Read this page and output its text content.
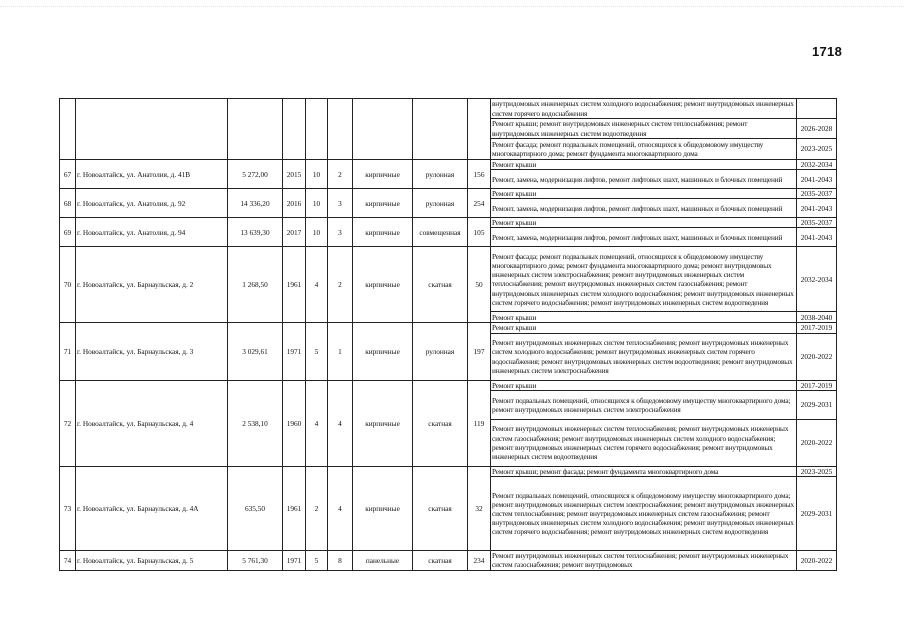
1718
									внутридомовых инженерных систем холодного водоснабжения; ремонт внутридомовых инженерных систем горячего водоснабжения	
									Ремонт крыши; ремонт внутридомовых инженерных систем теплоснабжения; ремонт внутридомовых инженерных систем водоотведения	2026-2028
									Ремонт фасада; ремонт подвальных помещений, относящихся к общедомовому имуществу многоквартирного дома; ремонт фундамента многоквартирного дома	2023-2025
67	г. Новоалтайск, ул. Анатолия, д. 41В	5 272,00	2015	10	2	кирпичные	рулонная	156	Ремонт крыши	2032-2034
									Ремонт, замена, модернизация лифтов, ремонт лифтовых шахт, машинных и блочных помещений	2041-2043
68	г. Новоалтайск, ул. Анатолия, д. 92	14 336,20	2016	10	3	кирпичные	рулонная	254	Ремонт крыши	2035-2037
									Ремонт, замена, модернизация лифтов, ремонт лифтовых шахт, машинных и блочных помещений	2041-2043
69	г. Новоалтайск, ул. Анатолия, д. 94	13 639,30	2017	10	3	кирпичные	совмещенная	105	Ремонт крыши	2035-2037
									Ремонт, замена, модернизация лифтов, ремонт лифтовых шахт, машинных и блочных помещений	2041-2043
70	г. Новоалтайск, ул. Барнаульская, д. 2	1 268,50	1961	4	2	кирпичные	скатная	50	Ремонт фасада; ремонт подвальных помещений, относящихся к общедомовому имуществу многоквартирного дома; ремонт фундамента многоквартирного дома; ремонт внутридомовых инженерных систем электроснабжения; ремонт внутридомовых инженерных систем теплоснабжения; ремонт внутридомовых инженерных систем газоснабжения; ремонт внутридомовых инженерных систем холодного водоснабжения; ремонт внутридомовых инженерных систем горячего водоснабжения; ремонт внутридомовых инженерных систем водоотведения	2032-2034
									Ремонт крыши	2038-2040
71	г. Новоалтайск, ул. Барнаульская, д. 3	3 029,61	1971	5	1	кирпичные	рулонная	197	Ремонт крыши	2017-2019
									Ремонт внутридомовых инженерных систем теплоснабжения; ремонт внутридомовых инженерных систем холодного водоснабжения; ремонт внутридомовых инженерных систем горячего водоснабжения; ремонт внутридомовых инженерных систем водоотведения; ремонт внутридомовых инженерных систем электроснабжения	2020-2022
72	г. Новоалтайск, ул. Барнаульская, д. 4	2 538,10	1960	4	4	кирпичные	скатная	119	Ремонт крыши	2017-2019
									Ремонт подвальных помещений, относящихся к общедомовому имуществу многоквартирного дома; ремонт внутридомовых инженерных систем электроснабжения	2029-2031
									Ремонт внутридомовых инженерных систем теплоснабжения; ремонт внутридомовых инженерных систем газоснабжения; ремонт внутридомовых инженерных систем холодного водоснабжения; ремонт внутридомовых инженерных систем горячего водоснабжения; ремонт внутридомовых инженерных систем водоотведения	2020-2022
73	г. Новоалтайск, ул. Барнаульская, д. 4А	635,50	1961	2	4	кирпичные	скатная	32	Ремонт крыши; ремонт фасада; ремонт фундамента многоквартирного дома	2023-2025
									Ремонт подвальных помещений, относящихся к общедомовому имуществу многоквартирного дома; ремонт внутридомовых инженерных систем электроснабжения; ремонт внутридомовых инженерных систем теплоснабжения; ремонт внутридомовых инженерных систем газоснабжения; ремонт внутридомовых инженерных систем холодного водоснабжения; ремонт внутридомовых инженерных систем горячего водоснабжения; ремонт внутридомовых инженерных систем водоотведения	2029-2031
74	г. Новоалтайск, ул. Барнаульская, д. 5	5 761,30	1971	5	8	панельные	скатная	234	Ремонт внутридомовых инженерных систем теплоснабжения; ремонт внутридомовых инженерных систем газоснабжения; ремонт внутридомовых	2020-2022
